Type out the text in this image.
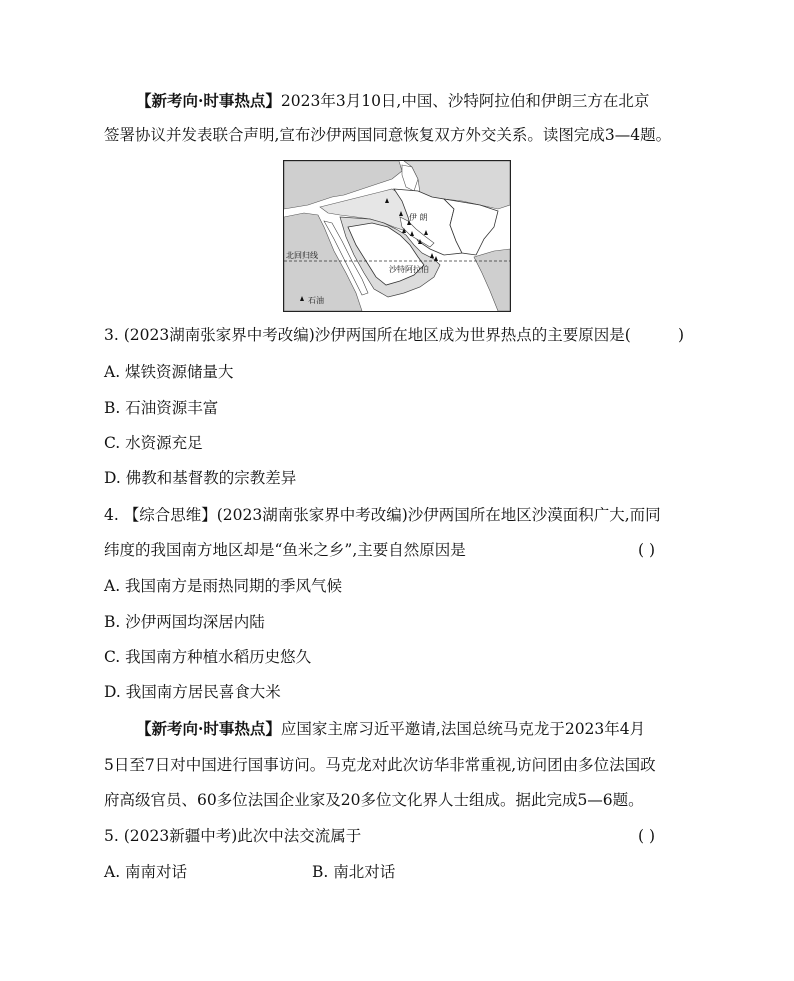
【新考向·时事热点】2023年3月10日,中国、沙特阿拉伯和伊朗三方在北京
签署协议并发表联合声明,宣布沙伊两国同意恢复双方外交关系。读图完成3—4题。
伊 朗
沙特阿拉伯
北回归线
石油
3. (2023湖南张家界中考改编)沙伊两国所在地区成为世界热点的主要原因是(	)
A. 煤铁资源储量大
B. 石油资源丰富
C. 水资源充足
D. 佛教和基督教的宗教差异
4. 【综合思维】(2023湖南张家界中考改编)沙伊两国所在地区沙漠面积广大,而同
纬度的我国南方地区却是“鱼米之乡”,主要自然原因是	( )
A. 我国南方是雨热同期的季风气候
B. 沙伊两国均深居内陆
C. 我国南方种植水稻历史悠久
D. 我国南方居民喜食大米
【新考向·时事热点】应国家主席习近平邀请,法国总统马克龙于2023年4月
5日至7日对中国进行国事访问。马克龙对此次访华非常重视,访问团由多位法国政
府高级官员、60多位法国企业家及20多位文化界人士组成。据此完成5—6题。
5. (2023新疆中考)此次中法交流属于	( )
A. 南南对话	B. 南北对话
